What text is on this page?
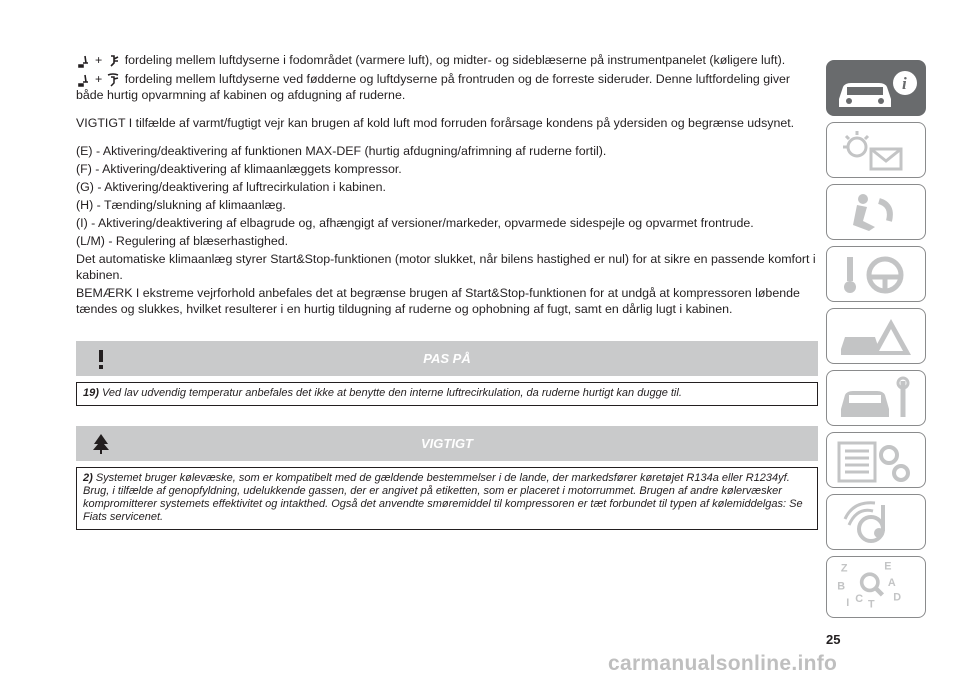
+ fordeling mellem luftdyserne i fodområdet (varmere luft), og midter- og sideblæserne på instrumentpanelet (køligere luft).

+ fordeling mellem luftdyserne ved fødderne og luftdyserne på frontruden og de forreste sideruder. Denne luftfordeling giver både hurtig opvarmning af kabinen og afdugning af ruderne.

VIGTIGT I tilfælde af varmt/fugtigt vejr kan brugen af kold luft mod forruden forårsage kondens på ydersiden og begrænse udsynet.

(E) - Aktivering/deaktivering af funktionen MAX-DEF (hurtig afdugning/afrimning af ruderne fortil).

(F) - Aktivering/deaktivering af klimaanlæggets kompressor.

(G) - Aktivering/deaktivering af luftrecirkulation i kabinen.

(H) - Tænding/slukning af klimaanlæg.

(I) - Aktivering/deaktivering af elbagrude og, afhængigt af versioner/markeder, opvarmede sidespejle og opvarmet frontrude.

(L/M) - Regulering af blæserhastighed.

Det automatiske klimaanlæg styrer Start&Stop-funktionen (motor slukket, når bilens hastighed er nul) for at sikre en passende komfort i kabinen.

BEMÆRK I ekstreme vejrforhold anbefales det at begrænse brugen af Start&Stop-funktionen for at undgå at kompressoren løbende tændes og slukkes, hvilket resulterer i en hurtig tildugning af ruderne og ophobning af fugt, samt en dårlig lugt i kabinen.

PAS PÅ
19) Ved lav udvendig temperatur anbefales det ikke at benytte den interne luftrecirkulation, da ruderne hurtigt kan dugge til.
VIGTIGT
2) Systemet bruger kølevæske, som er kompatibelt med de gældende bestemmelser i de lande, der markedsfører køretøjet R134a eller R1234yf. Brug, i tilfælde af genopfyldning, udelukkende gassen, der er angivet på etiketten, som er placeret i motorrummet. Brugen af andre kølervæsker kompromitterer systemets effektivitet og intakthed. Også det anvendte smøremiddel til kompressoren er tæt forbundet til typen af kølemiddelgas: Se Fiats servicenet.
i
Z	E
B	A
C T
D
I
25
carmanualsonline.info
